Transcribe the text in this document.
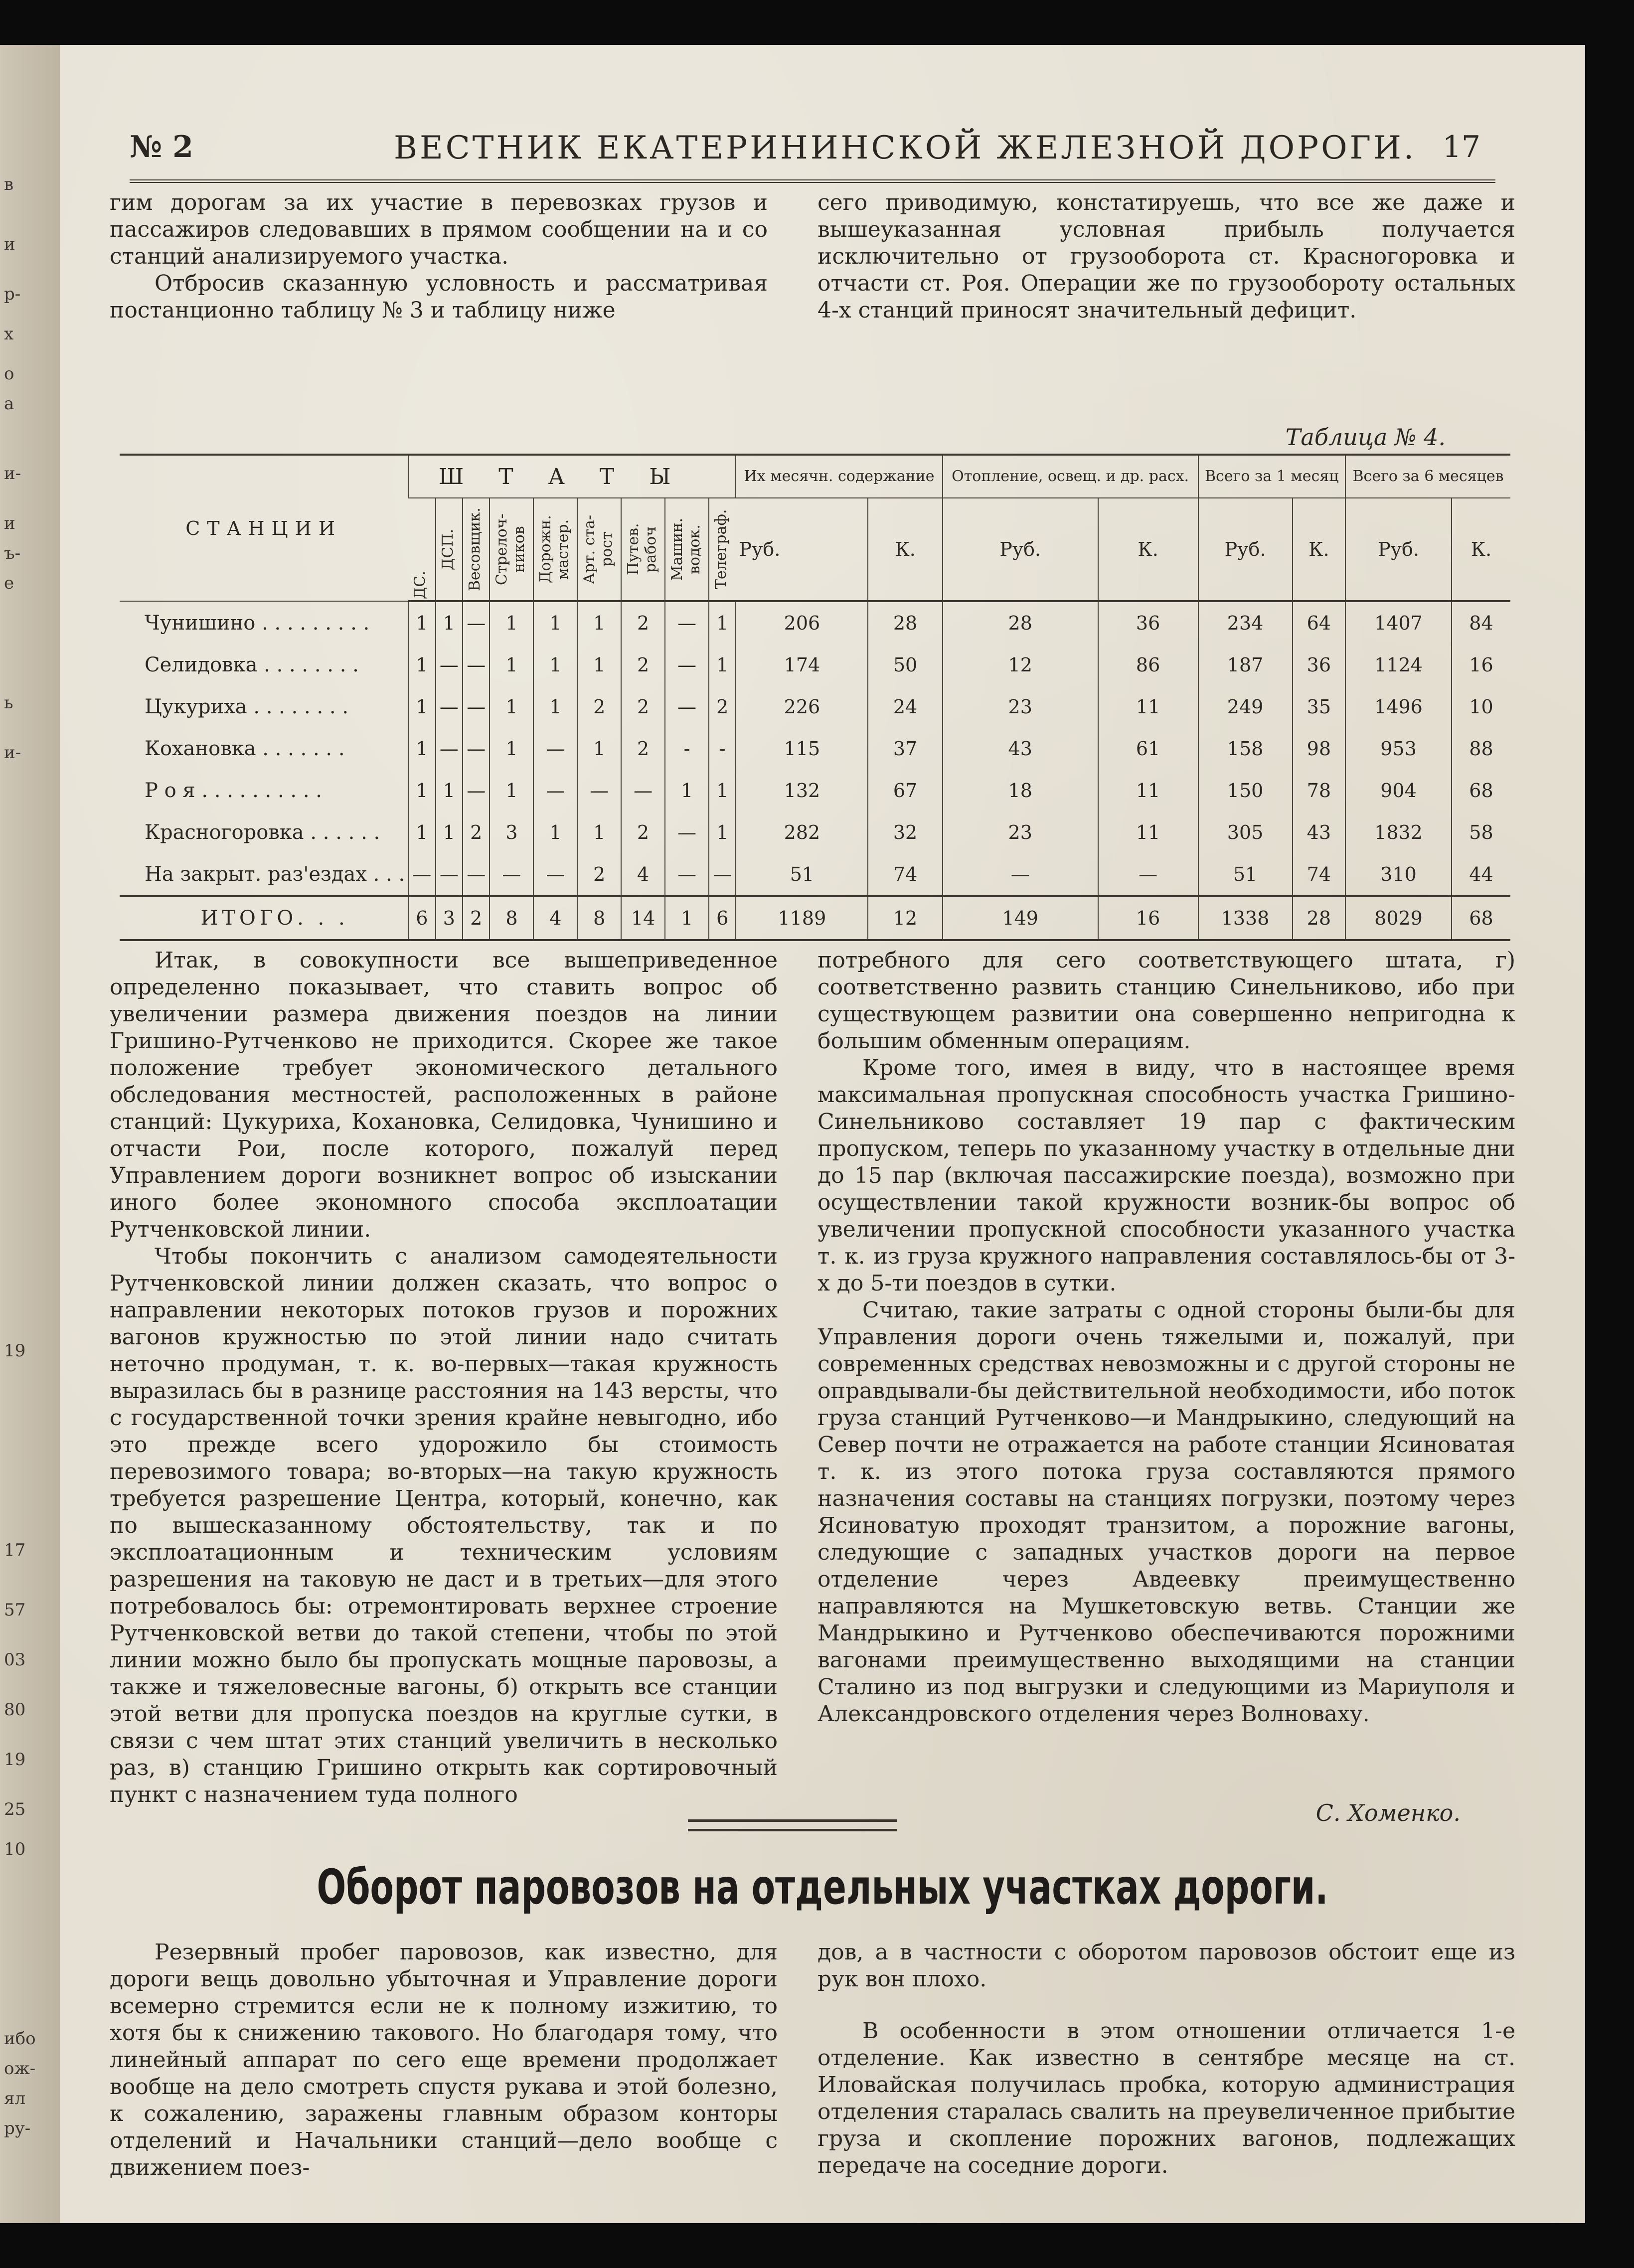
в
и
р-
х
о
а
и-
и
ъ-
е
ь
и-
19
17
57
03
80
19
25
10
ибо
ож-
ял
ру-
№ 2	ВЕСТНИК ЕКАТЕРИНИНСКОЙ ЖЕЛЕЗНОЙ ДОРОГИ. 17

гим дорогам за их участие в перевозках грузов и пассажиров следовавших в прямом сообщении на и со станций анализируемого участка.

Отбросив сказанную условность и рассматривая постанционно таблицу № 3 и таблицу ниже

сего приводимую, констатируешь, что все же даже и вышеуказанная условная прибыль получается исключительно от грузооборота ст. Красногоровка и отчасти ст. Роя. Операции же по грузообороту остальных 4-х станций приносят значительный дефицит.

Таблица № 4.
СТАНЦИИ	ШТАТЫ									Их месячн. содержание		Отопление, освещ. и др. расх.		Всего за 1 месяц		Всего за 6 месяцев	

	ДС.	ДСП.	Весовщик.	Стрелоч-ников	Дорожн. мастер.	Арт. ста-рост	Путев. рабоч	Машин. водок.	Телеграф.								

										Руб.	К.	Руб.	К.	Руб.	К.	Руб.	К.
Чунишино . . . . . . . . .	1	1	—	1	1	1	2	—	1	206	28	28	36	234	64	1407	84
Селидовка . . . . . . . .	1	—	—	1	1	1	2	—	1	174	50	12	86	187	36	1124	16
Цукуриха . . . . . . . .	1	—	—	1	1	2	2	—	2	226	24	23	11	249	35	1496	10
Кохановка . . . . . . .	1	—	—	1	—	1	2	-	-	115	37	43	61	158	98	953	88
Р о я . . . . . . . . . .	1	1	—	1	—	—	—	1	1	132	67	18	11	150	78	904	68
Красногоровка . . . . . .	1	1	2	3	1	1	2	—	1	282	32	23	11	305	43	1832	58
На закрыт. раз'ездах . . .	—	—	—	—	—	2	4	—	—	51	74	—	—	51	74	310	44
ИТОГО. . .	6	3	2	8	4	8	14	1	6	1189	12	149	16	1338	28	8029	68

Итак, в совокупности все вышеприведенное определенно показывает, что ставить вопрос об увеличении размера движения поездов на линии Гришино-Рутченково не приходится. Скорее же такое положение требует экономического детального обследования местностей, расположенных в районе станций: Цукуриха, Кохановка, Селидовка, Чунишино и отчасти Рои, после которого, пожалуй перед Управлением дороги возникнет вопрос об изыскании иного более экономного способа эксплоатации Рутченковской линии.

Чтобы покончить с анализом самодеятельности Рутченковской линии должен сказать, что вопрос о направлении некоторых потоков грузов и порожних вагонов кружностью по этой линии надо считать неточно продуман, т. к. во-первых—такая кружность выразилась бы в разнице расстояния на 143 версты, что с государственной точки зрения крайне невыгодно, ибо это прежде всего удорожило бы стоимость перевозимого товара; во-вторых—на такую кружность требуется разрешение Центра, который, конечно, как по вышесказанному обстоятельству, так и по эксплоатационным и техническим условиям разрешения на таковую не даст и в третьих—для этого потребовалось бы: отремонтировать верхнее строение Рутченковской ветви до такой степени, чтобы по этой линии можно было бы пропускать мощные паровозы, а также и тяжеловесные вагоны, б) открыть все станции этой ветви для пропуска поездов на круглые сутки, в связи с чем штат этих станций увеличить в несколько раз, в) станцию Гришино открыть как сортировочный пункт с назначением туда полного

потребного для сего соответствующего штата, г) соответственно развить станцию Синельниково, ибо при существующем развитии она совершенно непригодна к большим обменным операциям.

Кроме того, имея в виду, что в настоящее время максимальная пропускная способность участка Гришино-Синельниково составляет 19 пар с фактическим пропуском, теперь по указанному участку в отдельные дни до 15 пар (включая пассажирские поезда), возможно при осуществлении такой кружности возник-бы вопрос об увеличении пропускной способности указанного участка т. к. из груза кружного направления составлялось-бы от 3-х до 5-ти поездов в сутки.

Считаю, такие затраты с одной стороны были-бы для Управления дороги очень тяжелыми и, пожалуй, при современных средствах невозможны и с другой стороны не оправдывали-бы действительной необходимости, ибо поток груза станций Рутченково—и Мандрыкино, следующий на Север почти не отражается на работе станции Ясиноватая т. к. из этого потока груза составляются прямого назначения составы на станциях погрузки, поэтому через Ясиноватую проходят транзитом, а порожние вагоны, следующие с западных участков дороги на первое отделение через Авдеевку преимущественно направляются на Мушкетовскую ветвь. Станции же Мандрыкино и Рутченково обеспечиваются порожними вагонами преимущественно выходящими на станции Сталино из под выгрузки и следующими из Мариуполя и Александровского отделения через Волноваху.

С. Хоменко.
Оборот паровозов на отдельных участках дороги.

Резервный пробег паровозов, как известно, для дороги вещь довольно убыточная и Управление дороги всемерно стремится если не к полному изжитию, то хотя бы к снижению такового. Но благодаря тому, что линейный аппарат по сего еще времени продолжает вообще на дело смотреть спустя рукава и этой болезно, к сожалению, заражены главным образом конторы отделений и Начальники станций—дело вообще с движением поез-

дов, а в частности с оборотом паровозов обстоит еще из рук вон плохо.

В особенности в этом отношении отличается 1-е отделение. Как известно в сентябре месяце на ст. Иловайская получилась пробка, которую администрация отделения старалась свалить на преувеличенное прибытие груза и скопление порожних вагонов, подлежащих передаче на соседние дороги.
